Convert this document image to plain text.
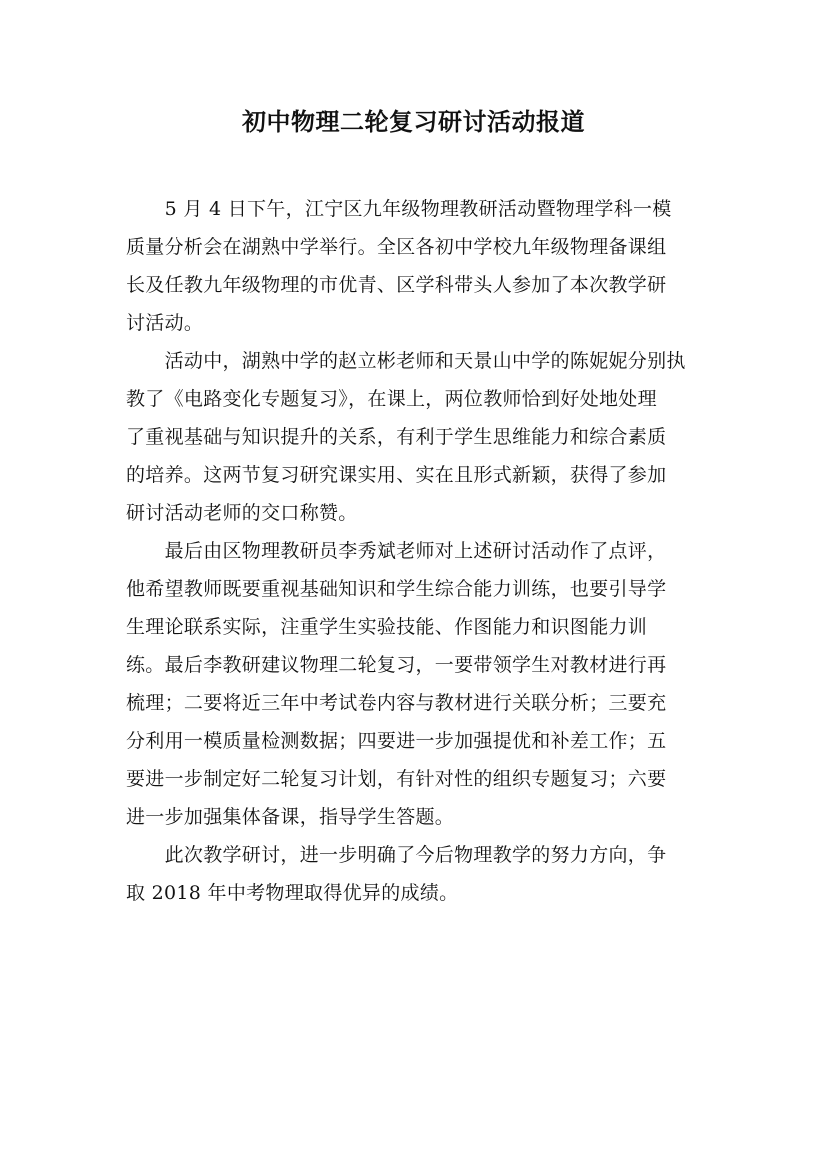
初中物理二轮复习研讨活动报道
　　5 月 4 日下午，江宁区九年级物理教研活动暨物理学科一模
质量分析会在湖熟中学举行。全区各初中学校九年级物理备课组
长及任教九年级物理的市优青、区学科带头人参加了本次教学研
讨活动。
　　活动中，湖熟中学的赵立彬老师和天景山中学的陈妮妮分别执
教了《电路变化专题复习》，在课上，两位教师恰到好处地处理
了重视基础与知识提升的关系，有利于学生思维能力和综合素质
的培养。这两节复习研究课实用、实在且形式新颖，获得了参加
研讨活动老师的交口称赞。
　　最后由区物理教研员李秀斌老师对上述研讨活动作了点评，
他希望教师既要重视基础知识和学生综合能力训练，也要引导学
生理论联系实际，注重学生实验技能、作图能力和识图能力训
练。最后李教研建议物理二轮复习，一要带领学生对教材进行再
梳理；二要将近三年中考试卷内容与教材进行关联分析；三要充
分利用一模质量检测数据；四要进一步加强提优和补差工作；五
要进一步制定好二轮复习计划，有针对性的组织专题复习；六要
进一步加强集体备课，指导学生答题。
　　此次教学研讨，进一步明确了今后物理教学的努力方向，争
取 2018 年中考物理取得优异的成绩。
